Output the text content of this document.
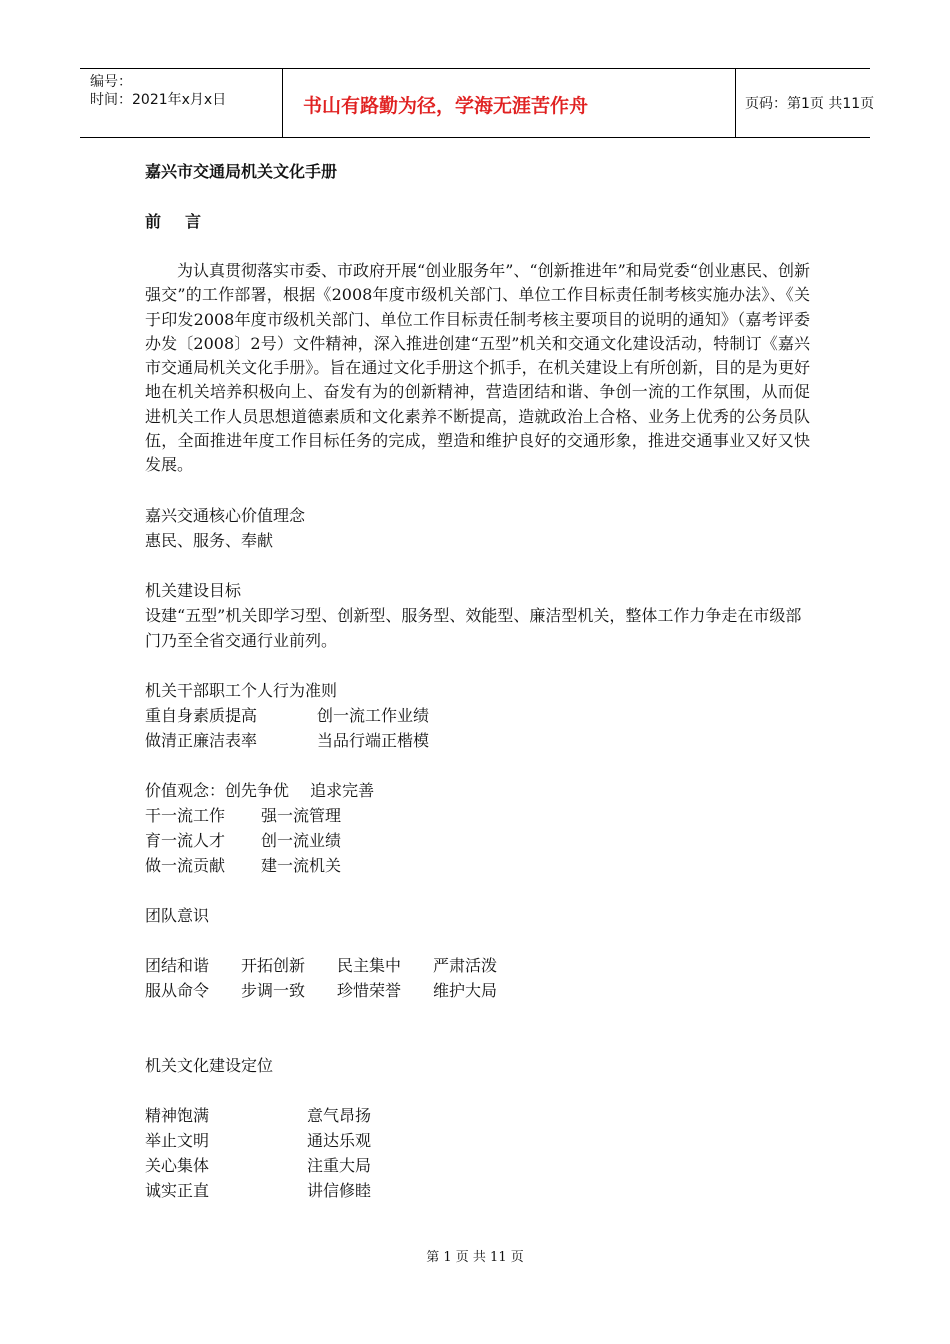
编号：
时间：2021年x月x日	书山有路勤为径，学海无涯苦作舟	页码：第1页 共11页
嘉兴市交通局机关文化手册
前言
为认真贯彻落实市委、市政府开展“创业服务年”、“创新推进年”和局党委“创业惠民、创新强交”的工作部署，根据《2008年度市级机关部门、单位工作目标责任制考核实施办法》、《关于印发2008年度市级机关部门、单位工作目标责任制考核主要项目的说明的通知》（嘉考评委办发〔2008〕2号）文件精神，深入推进创建“五型”机关和交通文化建设活动，特制订《嘉兴市交通局机关文化手册》。旨在通过文化手册这个抓手，在机关建设上有所创新，目的是为更好地在机关培养积极向上、奋发有为的创新精神，营造团结和谐、争创一流的工作氛围，从而促进机关工作人员思想道德素质和文化素养不断提高，造就政治上合格、业务上优秀的公务员队伍，全面推进年度工作目标任务的完成，塑造和维护良好的交通形象，推进交通事业又好又快发展。
嘉兴交通核心价值理念
惠民、服务、奉献
机关建设目标
设建“五型”机关即学习型、创新型、服务型、效能型、廉洁型机关，整体工作力争走在市级部门乃至全省交通行业前列。
机关干部职工个人行为准则
重自身素质提高	创一流工作业绩
做清正廉洁表率	当品行端正楷模
价值观念：创先争优　 追求完善
干一流工作	强一流管理
育一流人才	创一流业绩
做一流贡献	建一流机关
团队意识
团结和谐	开拓创新	民主集中	严肃活泼
服从命令	步调一致	珍惜荣誉	维护大局
机关文化建设定位
精神饱满	意气昂扬
举止文明	通达乐观
关心集体	注重大局
诚实正直	讲信修睦
第 1 页 共 11 页
